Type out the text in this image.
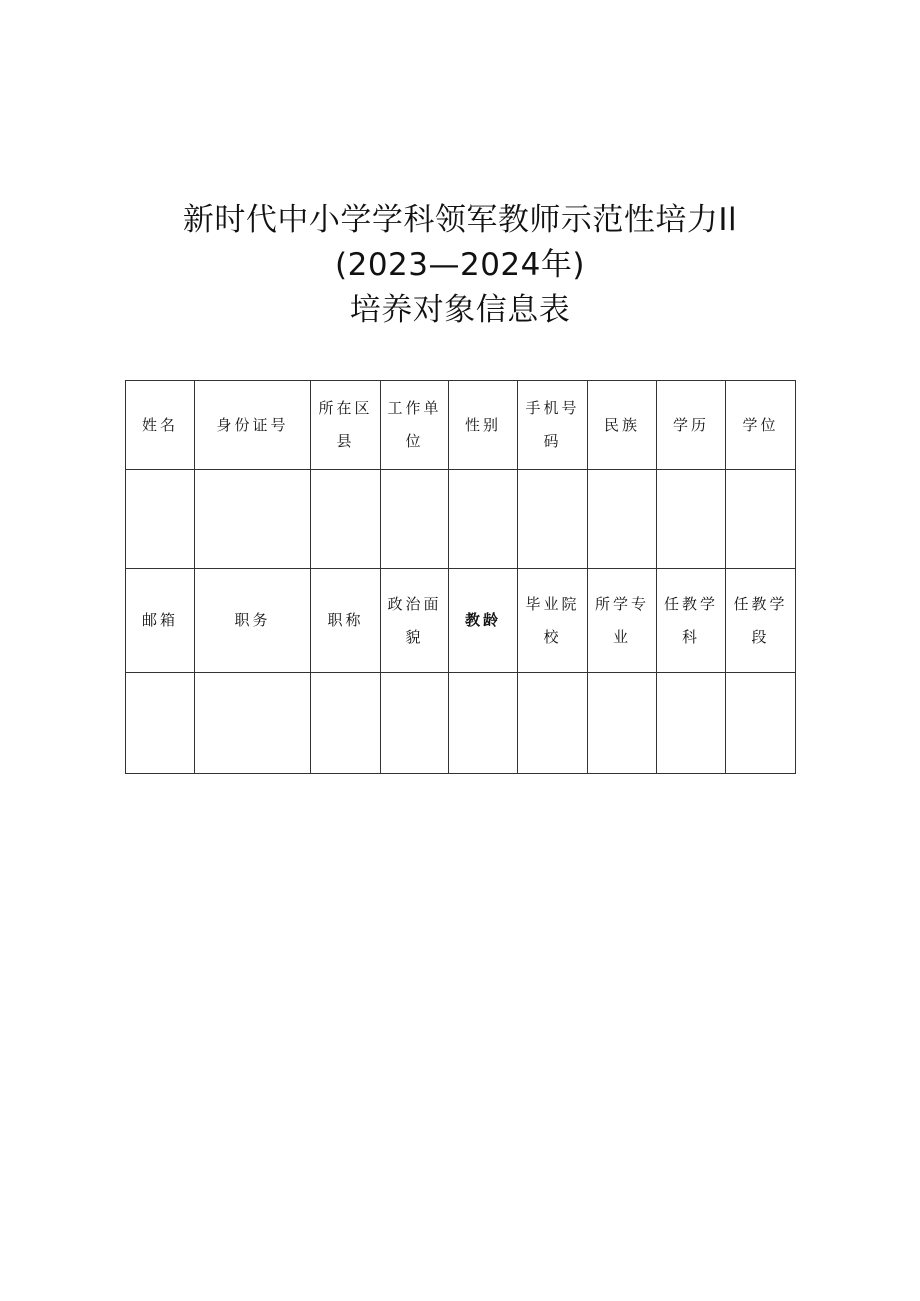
新时代中小学学科领军教师示范性培力Il
(2023—2024年)
培养对象信息表
姓名	身份证号	所在区县	工作单位	性别	手机号码	民族	学历	学位

邮箱	职务	职称	政治面貌	教龄	毕业院校	所学专业	任教学科	任教学段
